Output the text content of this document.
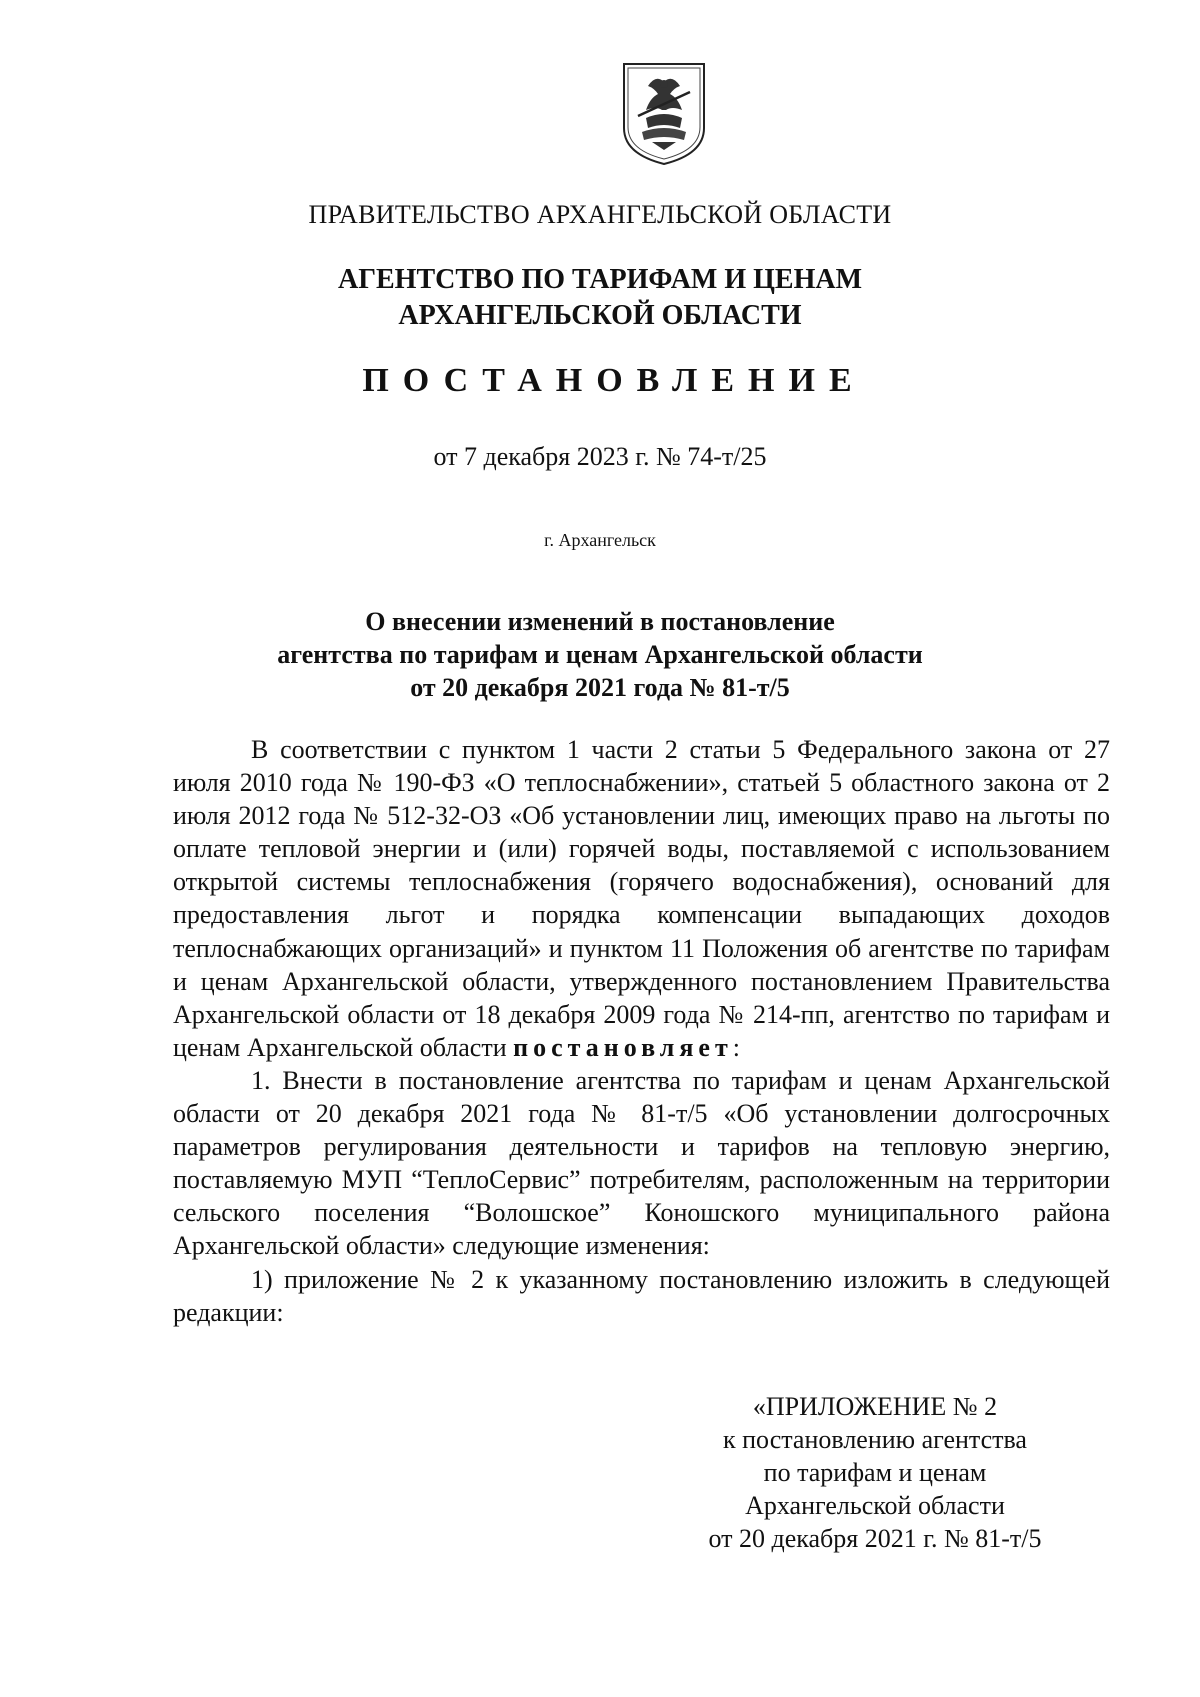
ПРАВИТЕЛЬСТВО АРХАНГЕЛЬСКОЙ ОБЛАСТИ
АГЕНТСТВО ПО ТАРИФАМ И ЦЕНАМ
АРХАНГЕЛЬСКОЙ ОБЛАСТИ
ПОСТАНОВЛЕНИЕ
от 7 декабря 2023 г. № 74-т/25
г. Архангельск
О внесении изменений в постановление
агентства по тарифам и ценам Архангельской области
от 20 декабря 2021 года № 81-т/5

В соответствии с пунктом 1 части 2 статьи 5 Федерального закона от 27 июля 2010 года № 190-ФЗ «О теплоснабжении», статьей 5 областного закона от 2 июля 2012 года № 512-32-ОЗ «Об установлении лиц, имеющих право на льготы по оплате тепловой энергии и (или) горячей воды, поставляемой с использованием открытой системы теплоснабжения (горячего водоснабжения), оснований для предоставления льгот и порядка компенсации выпадающих доходов теплоснабжающих организаций» и пунктом 11 Положения об агентстве по тарифам и ценам Архангельской области, утвержденного постановлением Правительства Архангельской области от 18 декабря 2009 года № 214-пп, агентство по тарифам и ценам Архангельской области постановляет:

1. Внести в постановление агентства по тарифам и ценам Архангельской области от 20 декабря 2021 года № 81-т/5 «Об установлении долгосрочных параметров регулирования деятельности и тарифов на тепловую энергию, поставляемую МУП “ТеплоСервис” потребителям, расположенным на территории сельского поселения “Волошское” Коношского муниципального района Архангельской области» следующие изменения:

1) приложение № 2 к указанному постановлению изложить в следующей редакции:

«ПРИЛОЖЕНИЕ № 2
к постановлению агентства
по тарифам и ценам
Архангельской области
от 20 декабря 2021 г. № 81-т/5
